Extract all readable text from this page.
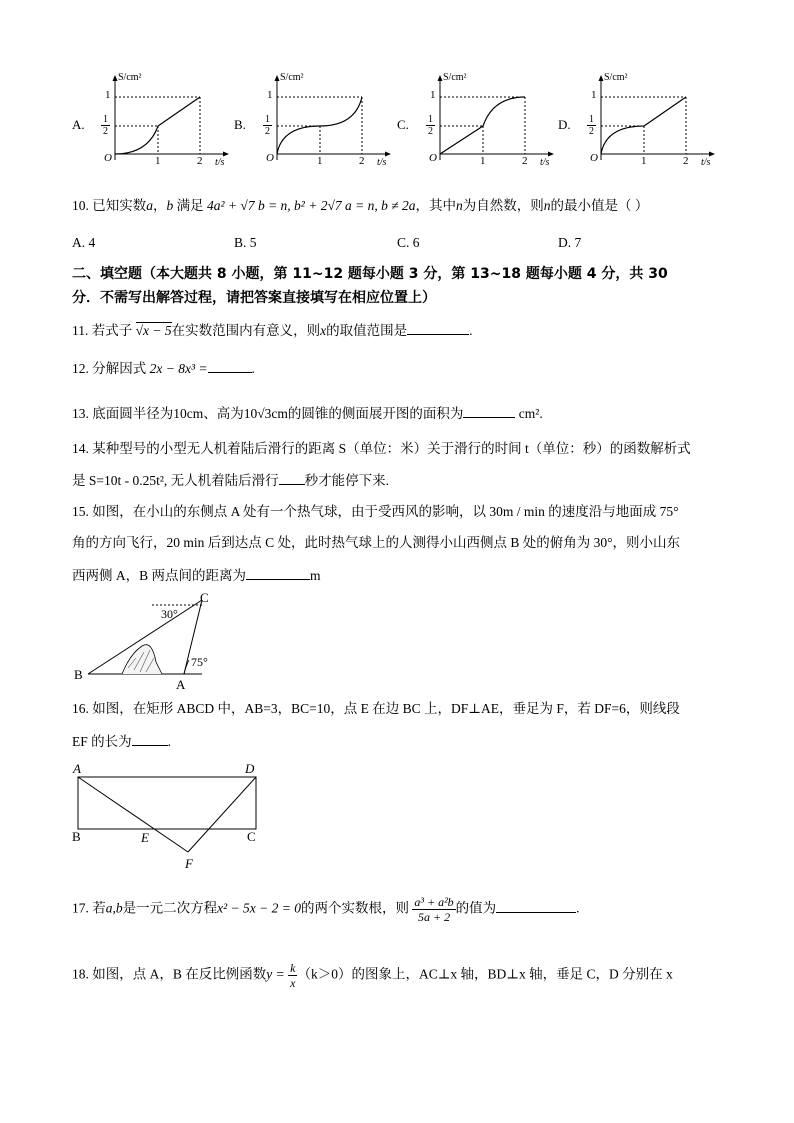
A.	B.	C.	D.
S/cm²	S/cm²	S/cm²	S/cm²
t/s	t/s	t/s	t/s
O	O	O	O
1	1	1	1
$\frac{1}{2}$	$\frac{1}{2}$	$\frac{1}{2}$	$\frac{1}{2}$
1	2	1	2	1	2	1	2
10. 已知实数a，b 满足 4a² + √7 b = n, b² + 2√7 a = n, b ≠ 2a，其中n为自然数，则n的最小值是（ ）
A. 4	B. 5	C. 6	D. 7
二、填空题（本大题共 8 小题，第 11~12 题每小题 3 分，第 13~18 题每小题 4 分，共 30
分．不需写出解答过程，请把答案直接填写在相应位置上）
11. 若式子 √x − 5在实数范围内有意义，则x的取值范围是	.
12. 分解因式 2x − 8x³ =	.
13. 底面圆半径为10cm、高为10√3cm的圆锥的侧面展开图的面积为	cm².
14. 某种型号的小型无人机着陆后滑行的距离 S（单位：米）关于滑行的时间 t（单位：秒）的函数解析式
是 S=10t - 0.25t², 无人机着陆后滑行 秒才能停下来.
15. 如图，在小山的东侧点 A 处有一个热气球，由于受西风的影响，以 30m / min 的速度沿与地面成 75°
角的方向飞行，20 min 后到达点 C 处，此时热气球上的人测得小山西侧点 B 处的俯角为 30°，则小山东
西两侧 A，B 两点间的距离为	m
C
B
A
30°
75°
16. 如图，在矩形 ABCD 中，AB=3，BC=10，点 E 在边 BC 上，DF⊥AE，垂足为 F，若 DF=6，则线段
EF 的长为	.
A	D
B	E	C
F
17. 若a,b是一元二次方程x² − 5x − 2 = 0的两个实数根，则 $\frac{\text{a³ + a²b}}{5a + 2}$ 的值为	.
18. 如图，点 A，B 在反比例函数$y = \frac{k}{x} (k>0)$的图象上，AC⊥x 轴，BD⊥x 轴，垂足 C，D 分别在 x
